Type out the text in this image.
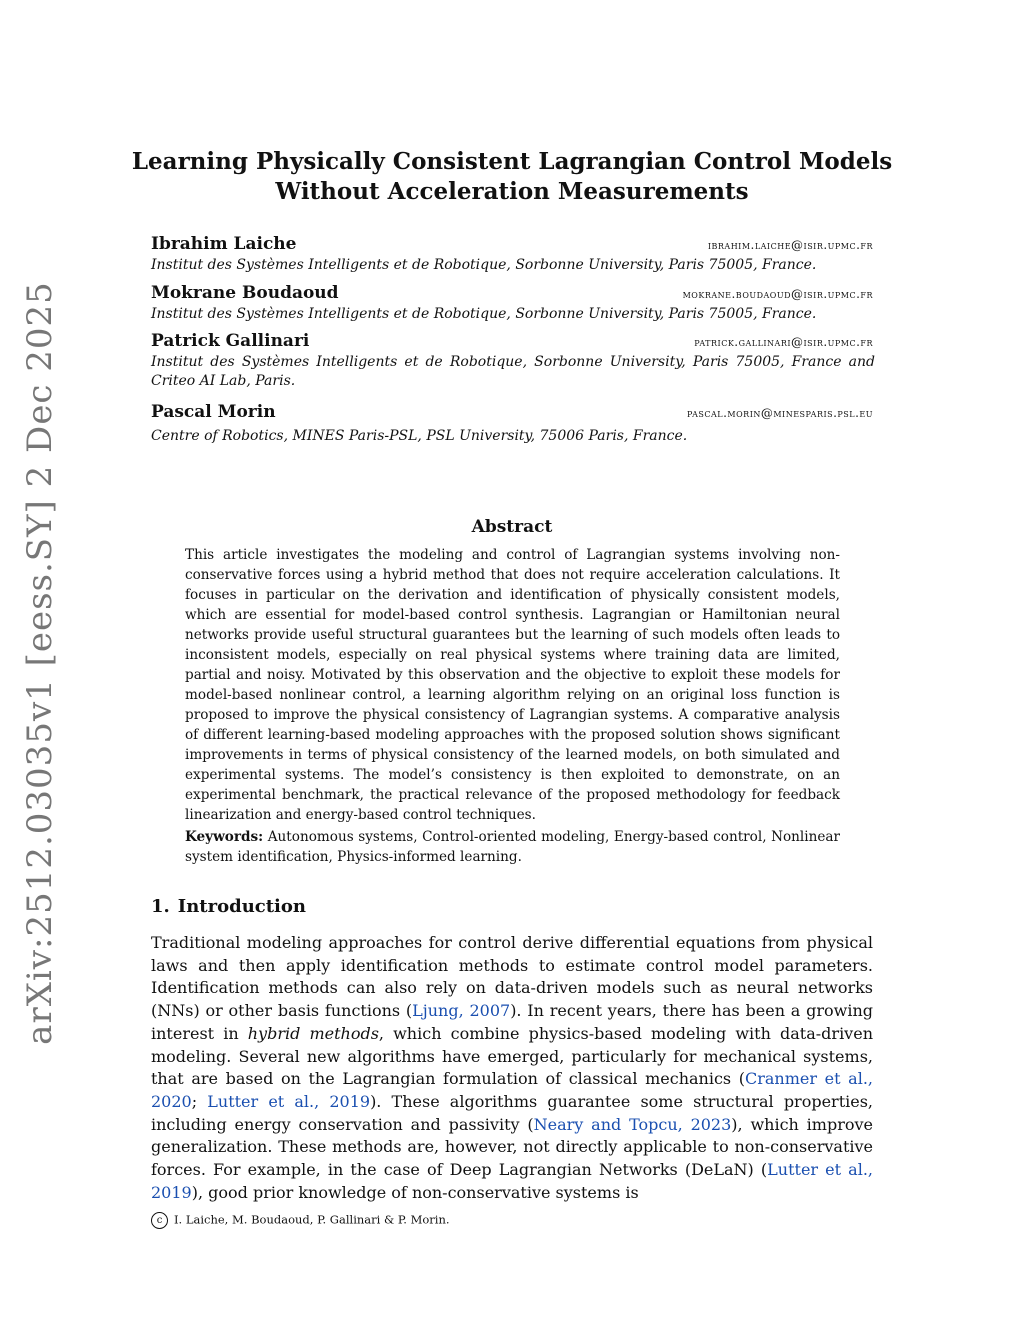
arXiv:2512.03035v1 [eess.SY] 2 Dec 2025
Learning Physically Consistent Lagrangian Control Models
Without Acceleration Measurements
Ibrahim Laiche	ibrahim.laiche@isir.upmc.fr
Institut des Systèmes Intelligents et de Robotique, Sorbonne University, Paris 75005, France.
Mokrane Boudaoud	mokrane.boudaoud@isir.upmc.fr
Institut des Systèmes Intelligents et de Robotique, Sorbonne University, Paris 75005, France.
Patrick Gallinari	patrick.gallinari@isir.upmc.fr
Institut des Systèmes Intelligents et de Robotique, Sorbonne University, Paris 75005, France and Criteo AI Lab, Paris.
Pascal Morin	pascal.morin@minesparis.psl.eu
Centre of Robotics, MINES Paris-PSL, PSL University, 75006 Paris, France.
Abstract
This article investigates the modeling and control of Lagrangian systems involving non-conservative forces using a hybrid method that does not require acceleration calculations. It focuses in particular on the derivation and identification of physically consistent models, which are essential for model-based control synthesis. Lagrangian or Hamiltonian neural networks provide useful structural guarantees but the learning of such models often leads to inconsistent models, especially on real physical systems where training data are limited, partial and noisy. Motivated by this observation and the objective to exploit these models for model-based nonlinear control, a learning algorithm relying on an original loss function is proposed to improve the physical consistency of Lagrangian systems. A comparative analysis of different learning-based modeling approaches with the proposed solution shows significant improvements in terms of physical consistency of the learned models, on both simulated and experimental systems. The model’s consistency is then exploited to demonstrate, on an experimental benchmark, the practical relevance of the proposed methodology for feedback linearization and energy-based control techniques.
Keywords: Autonomous systems, Control-oriented modeling, Energy-based control, Nonlinear system identification, Physics-informed learning.
1. Introduction
Traditional modeling approaches for control derive differential equations from physical laws and then apply identification methods to estimate control model parameters. Identification methods can also rely on data-driven models such as neural networks (NNs) or other basis functions (Ljung, 2007). In recent years, there has been a growing interest in hybrid methods, which combine physics-based modeling with data-driven modeling. Several new algorithms have emerged, particularly for mechanical systems, that are based on the Lagrangian formulation of classical mechanics (Cranmer et al., 2020; Lutter et al., 2019). These algorithms guarantee some structural properties, including energy conservation and passivity (Neary and Topcu, 2023), which improve generalization. These methods are, however, not directly applicable to non-conservative forces. For example, in the case of Deep Lagrangian Networks (DeLaN) (Lutter et al., 2019), good prior knowledge of non-conservative systems is
c I. Laiche, M. Boudaoud, P. Gallinari & P. Morin.
